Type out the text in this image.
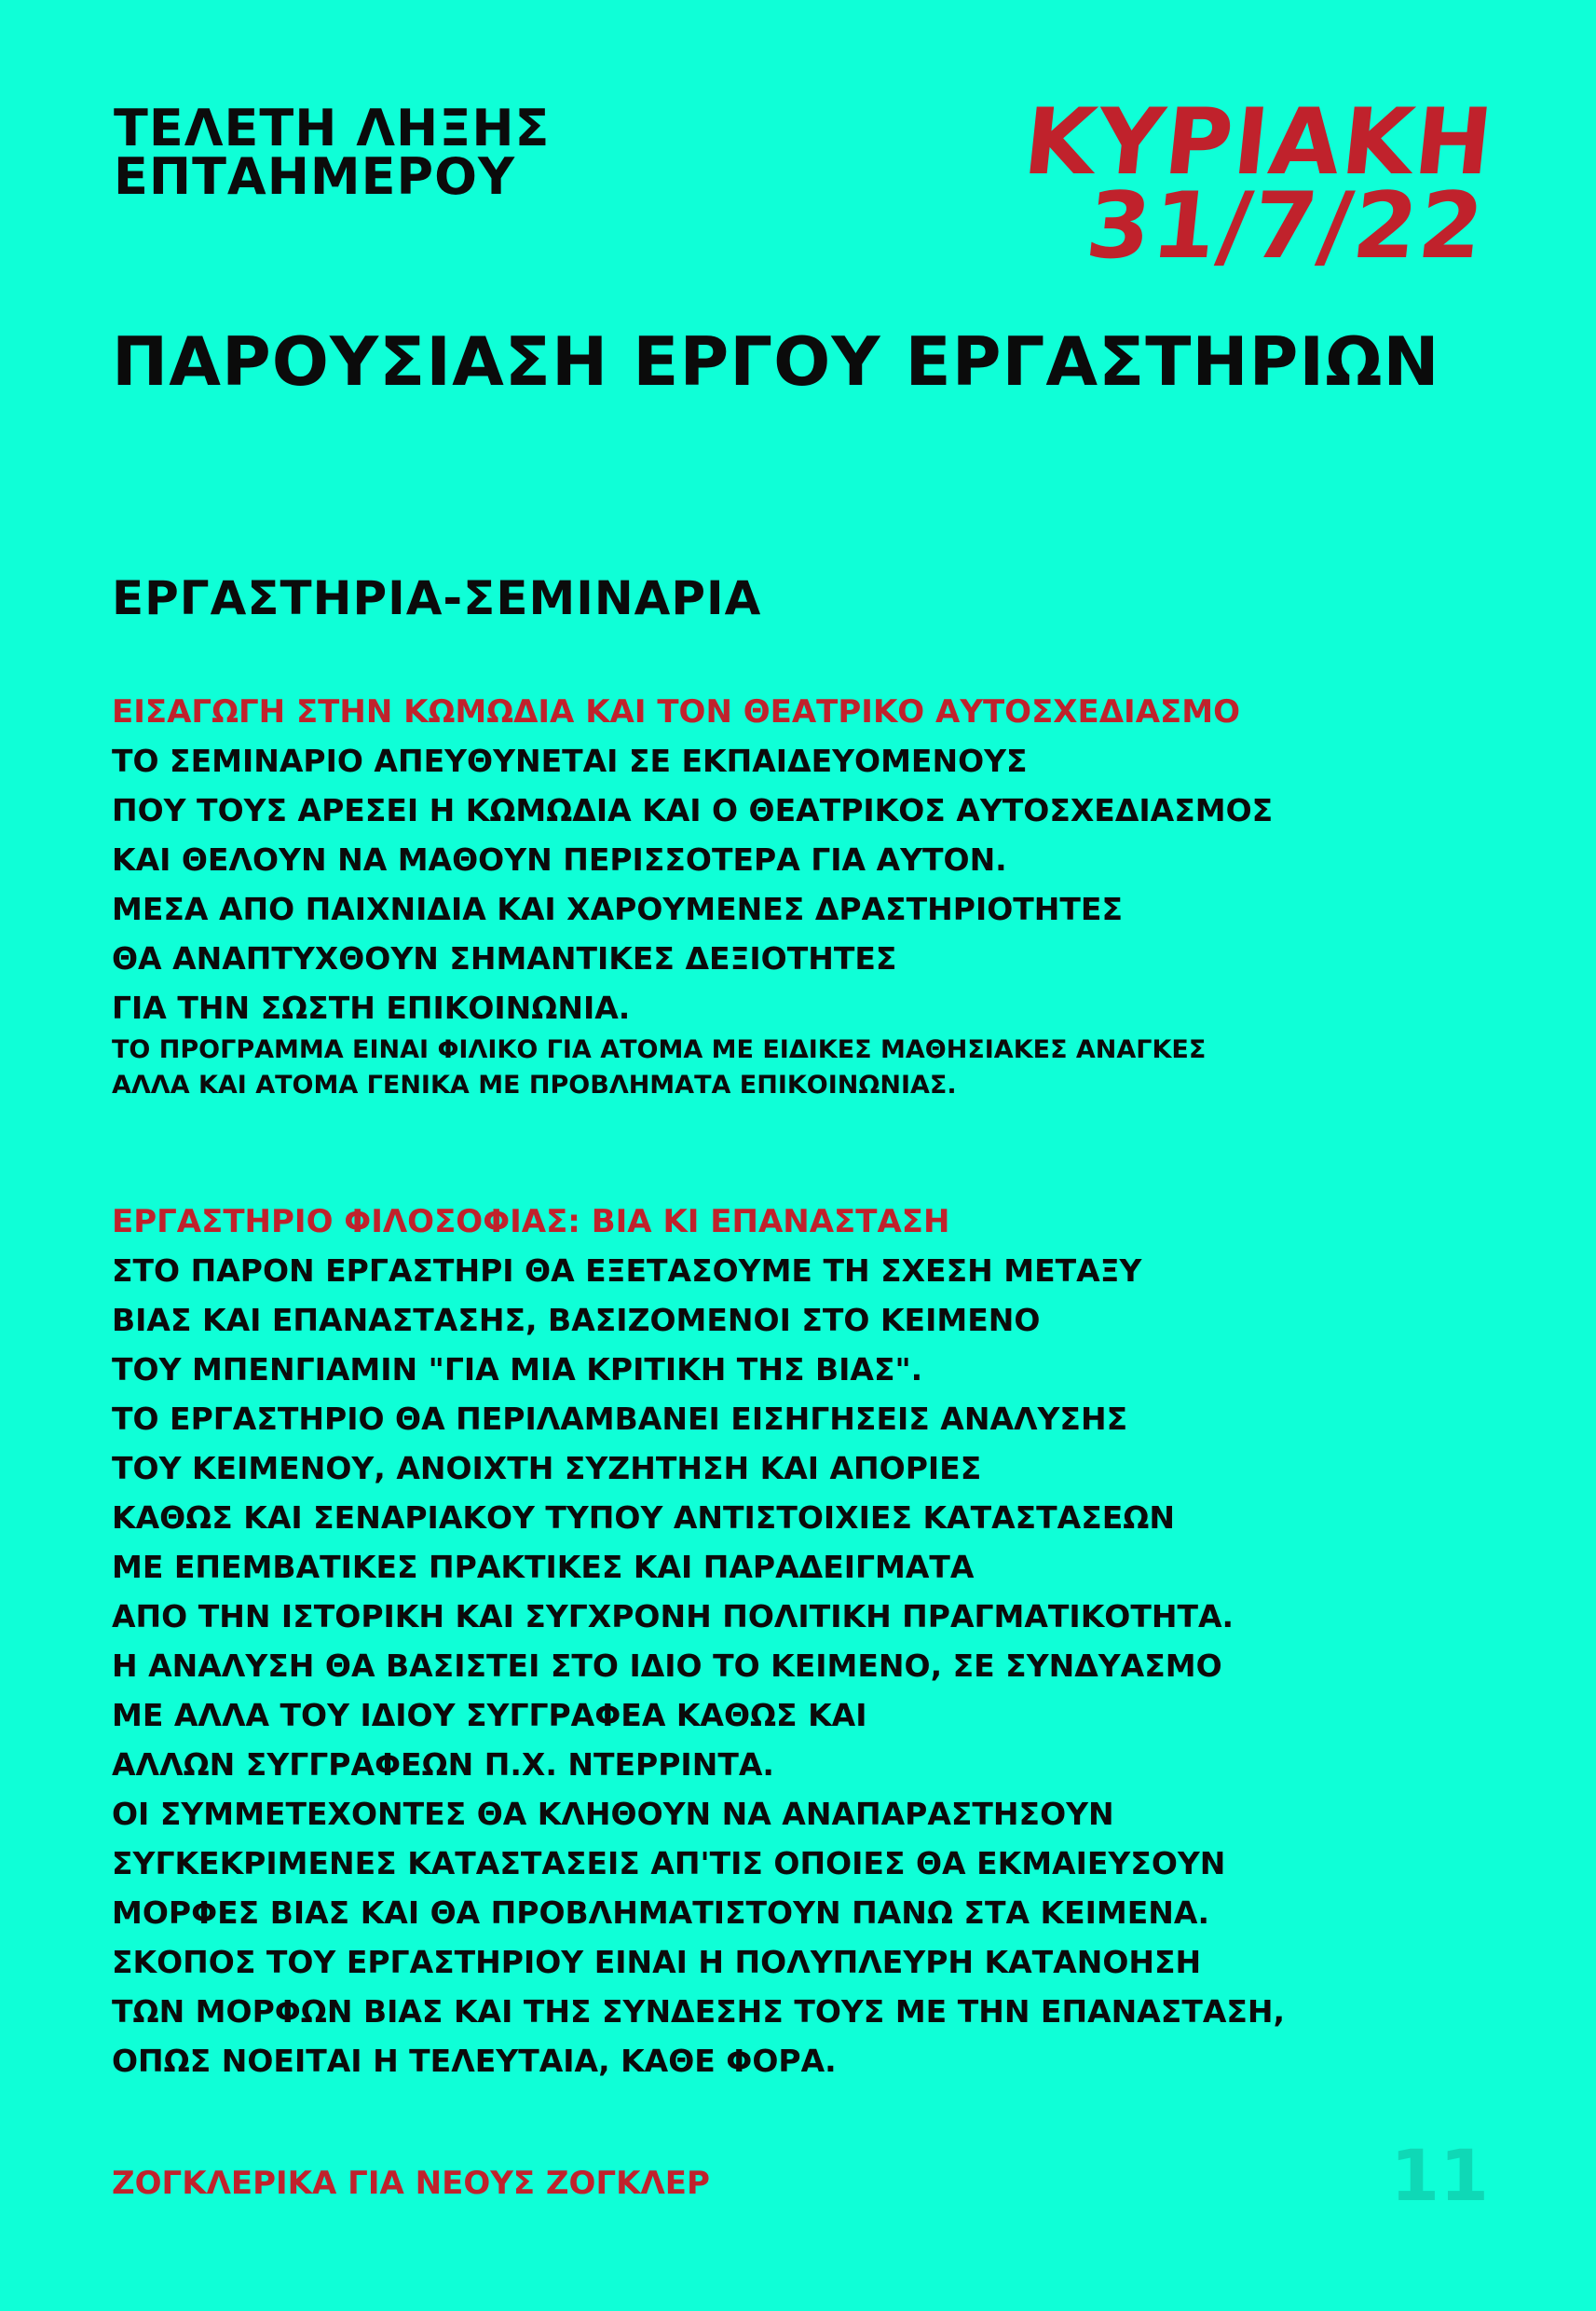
ΤΕΛΕΤΗ ΛΗΞΗΣ
ΕΠΤΑΗΜΕΡΟΥ	ΚΥΡΙΑΚΗ
31/7/22
ΠΑΡΟΥΣΙΑΣΗ ΕΡΓΟΥ ΕΡΓΑΣΤΗΡΙΩΝ
ΕΡΓΑΣΤΗΡΙΑ-ΣΕΜΙΝΑΡΙΑ
ΕΙΣΑΓΩΓΗ ΣΤΗΝ ΚΩΜΩΔΙΑ ΚΑΙ ΤΟΝ ΘΕΑΤΡΙΚΟ ΑΥΤΟΣΧΕΔΙΑΣΜΟ
ΤΟ ΣΕΜΙΝΑΡΙΟ ΑΠΕΥΘΥΝΕΤΑΙ ΣΕ ΕΚΠΑΙΔΕΥΟΜΕΝΟΥΣ
ΠΟΥ ΤΟΥΣ ΑΡΕΣΕΙ Η ΚΩΜΩΔΙΑ ΚΑΙ Ο ΘΕΑΤΡΙΚΟΣ ΑΥΤΟΣΧΕΔΙΑΣΜΟΣ
ΚΑΙ ΘΕΛΟΥΝ ΝΑ ΜΑΘΟΥΝ ΠΕΡΙΣΣΟΤΕΡΑ ΓΙΑ ΑΥΤΟΝ.
ΜΕΣΑ ΑΠΟ ΠΑΙΧΝΙΔΙΑ ΚΑΙ ΧΑΡΟΥΜΕΝΕΣ ΔΡΑΣΤΗΡΙΟΤΗΤΕΣ
ΘΑ ΑΝΑΠΤΥΧΘΟΥΝ ΣΗΜΑΝΤΙΚΕΣ ΔΕΞΙΟΤΗΤΕΣ
ΓΙΑ ΤΗΝ ΣΩΣΤΗ ΕΠΙΚΟΙΝΩΝΙΑ.
ΤΟ ΠΡΟΓΡΑΜΜΑ ΕΙΝΑΙ ΦΙΛΙΚΟ ΓΙΑ ΑΤΟΜΑ ΜΕ ΕΙΔΙΚΕΣ ΜΑΘΗΣΙΑΚΕΣ ΑΝΑΓΚΕΣ
ΑΛΛΑ ΚΑΙ ΑΤΟΜΑ ΓΕΝΙΚΑ ΜΕ ΠΡΟΒΛΗΜΑΤΑ ΕΠΙΚΟΙΝΩΝΙΑΣ.
ΕΡΓΑΣΤΗΡΙΟ ΦΙΛΟΣΟΦΙΑΣ: ΒΙΑ ΚΙ ΕΠΑΝΑΣΤΑΣΗ
ΣΤΟ ΠΑΡΟΝ ΕΡΓΑΣΤΗΡΙ ΘΑ ΕΞΕΤΑΣΟΥΜΕ ΤΗ ΣΧΕΣΗ ΜΕΤΑΞΥ
ΒΙΑΣ ΚΑΙ ΕΠΑΝΑΣΤΑΣΗΣ, ΒΑΣΙΖΟΜΕΝΟΙ ΣΤΟ ΚΕΙΜΕΝΟ
ΤΟΥ ΜΠΕΝΓΙΑΜΙΝ "ΓΙΑ ΜΙΑ ΚΡΙΤΙΚΗ ΤΗΣ ΒΙΑΣ".
ΤΟ ΕΡΓΑΣΤΗΡΙΟ ΘΑ ΠΕΡΙΛΑΜΒΑΝΕΙ ΕΙΣΗΓΗΣΕΙΣ ΑΝΑΛΥΣΗΣ
ΤΟΥ ΚΕΙΜΕΝΟΥ, ΑΝΟΙΧΤΗ ΣΥΖΗΤΗΣΗ ΚΑΙ ΑΠΟΡΙΕΣ
ΚΑΘΩΣ ΚΑΙ ΣΕΝΑΡΙΑΚΟΥ ΤΥΠΟΥ ΑΝΤΙΣΤΟΙΧΙΕΣ ΚΑΤΑΣΤΑΣΕΩΝ
ΜΕ ΕΠΕΜΒΑΤΙΚΕΣ ΠΡΑΚΤΙΚΕΣ ΚΑΙ ΠΑΡΑΔΕΙΓΜΑΤΑ
ΑΠΟ ΤΗΝ ΙΣΤΟΡΙΚΗ ΚΑΙ ΣΥΓΧΡΟΝΗ ΠΟΛΙΤΙΚΗ ΠΡΑΓΜΑΤΙΚΟΤΗΤΑ.
Η ΑΝΑΛΥΣΗ ΘΑ ΒΑΣΙΣΤΕΙ ΣΤΟ ΙΔΙΟ ΤΟ ΚΕΙΜΕΝΟ, ΣΕ ΣΥΝΔΥΑΣΜΟ
ΜΕ ΑΛΛΑ ΤΟΥ ΙΔΙΟΥ ΣΥΓΓΡΑΦΕΑ ΚΑΘΩΣ ΚΑΙ
ΑΛΛΩΝ ΣΥΓΓΡΑΦΕΩΝ Π.Χ. ΝΤΕΡΡΙΝΤΑ.
ΟΙ ΣΥΜΜΕΤΕΧΟΝΤΕΣ ΘΑ ΚΛΗΘΟΥΝ ΝΑ ΑΝΑΠΑΡΑΣΤΗΣΟΥΝ
ΣΥΓΚΕΚΡΙΜΕΝΕΣ ΚΑΤΑΣΤΑΣΕΙΣ ΑΠ'ΤΙΣ ΟΠΟΙΕΣ ΘΑ ΕΚΜΑΙΕΥΣΟΥΝ
ΜΟΡΦΕΣ ΒΙΑΣ ΚΑΙ ΘΑ ΠΡΟΒΛΗΜΑΤΙΣΤΟΥΝ ΠΑΝΩ ΣΤΑ ΚΕΙΜΕΝΑ.
ΣΚΟΠΟΣ ΤΟΥ ΕΡΓΑΣΤΗΡΙΟΥ ΕΙΝΑΙ Η ΠΟΛΥΠΛΕΥΡΗ ΚΑΤΑΝΟΗΣΗ
ΤΩΝ ΜΟΡΦΩΝ ΒΙΑΣ ΚΑΙ ΤΗΣ ΣΥΝΔΕΣΗΣ ΤΟΥΣ ΜΕ ΤΗΝ ΕΠΑΝΑΣΤΑΣΗ,
ΟΠΩΣ ΝΟΕΙΤΑΙ Η ΤΕΛΕΥΤΑΙΑ, ΚΑΘΕ ΦΟΡΑ.
ΖΟΓΚΛΕΡΙΚΑ ΓΙΑ ΝΕΟΥΣ ΖΟΓΚΛΕΡ	11
